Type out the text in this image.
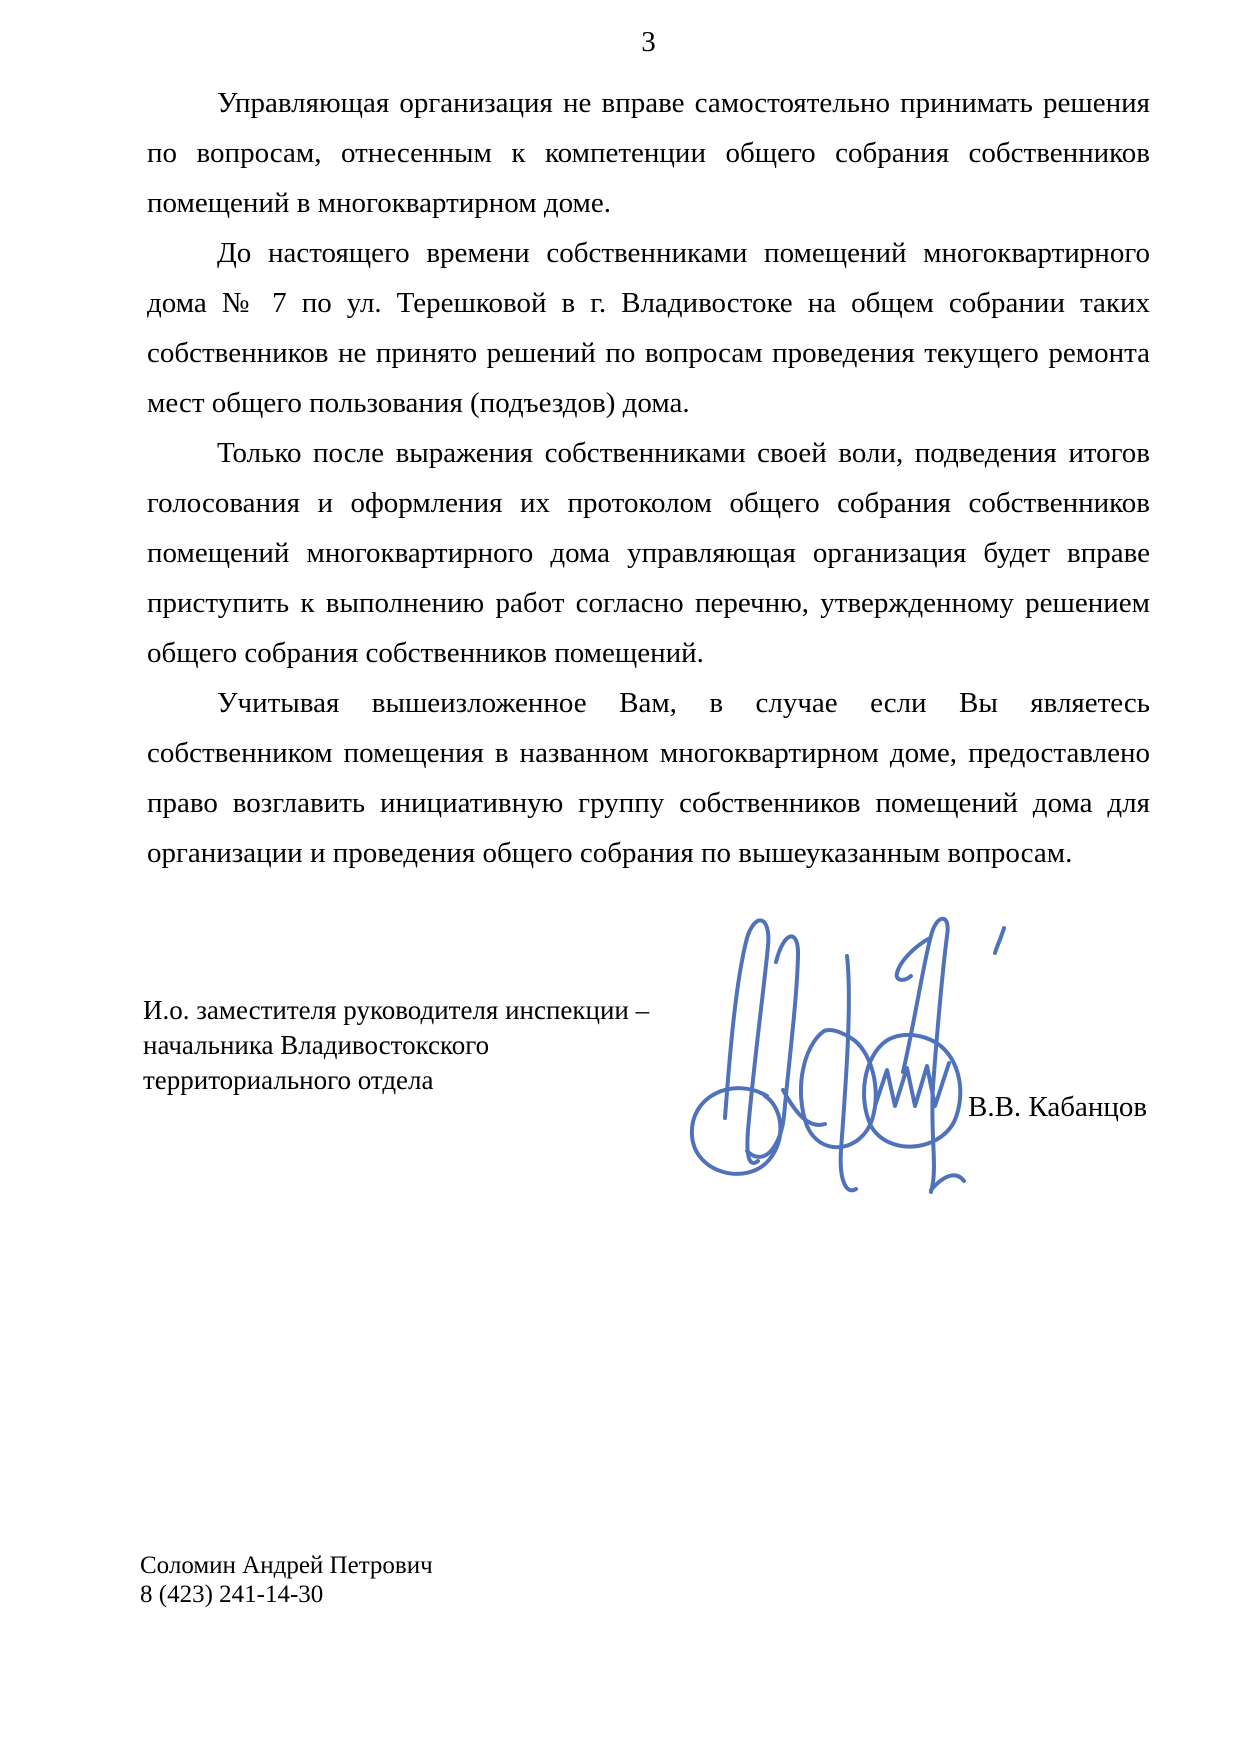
3

Управляющая организация не вправе самостоятельно принимать решения по вопросам, отнесенным к компетенции общего собрания собственников помещений в многоквартирном доме.

До настоящего времени собственниками помещений многоквартирного дома № 7 по ул. Терешковой в г. Владивостоке на общем собрании таких собственников не принято решений по вопросам проведения текущего ремонта мест общего пользования (подъездов) дома.

Только после выражения собственниками своей воли, подведения итогов голосования и оформления их протоколом общего собрания собственников помещений многоквартирного дома управляющая организация будет вправе приступить к выполнению работ согласно перечню, утвержденному решением общего собрания собственников помещений.

Учитывая вышеизложенное Вам, в случае если Вы являетесь собственником помещения в названном многоквартирном доме, предоставлено право возглавить инициативную группу собственников помещений дома для организации и проведения общего собрания по вышеуказанным вопросам.

И.о. заместителя руководителя инспекции –
начальника Владивостокского
территориального отдела
В.В. Кабанцов
Соломин Андрей Петрович
8 (423) 241-14-30
